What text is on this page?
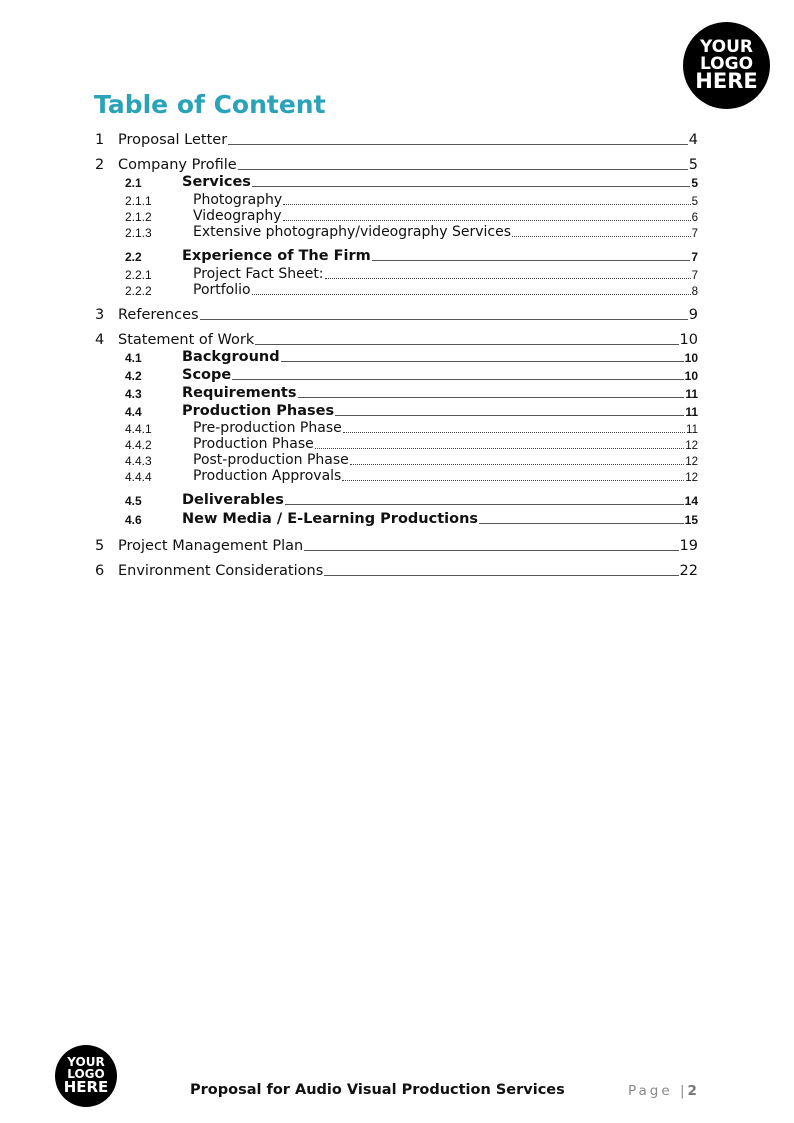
YOUR
LOGO
HERE
Table of Content
1 Proposal Letter	4
2 Company Profile	5
2.1	Services	5
2.1.1	Photography	5
2.1.2	Videography	6
2.1.3	Extensive photography/videography Services	7
2.2	Experience of The Firm	7
2.2.1	Project Fact Sheet:	7
2.2.2	Portfolio	8
3 References	9
4 Statement of Work	10
4.1	Background	10
4.2	Scope	10
4.3	Requirements	11
4.4	Production Phases	11
4.4.1	Pre-production Phase	11
4.4.2	Production Phase	12
4.4.3	Post-production Phase	12
4.4.4	Production Approvals	12
4.5	Deliverables	14
4.6	New Media / E-Learning Productions	15
5 Project Management Plan	19
6 Environment Considerations	22
YOUR
LOGO
HERE	Proposal for Audio Visual Production Services	Page |2
